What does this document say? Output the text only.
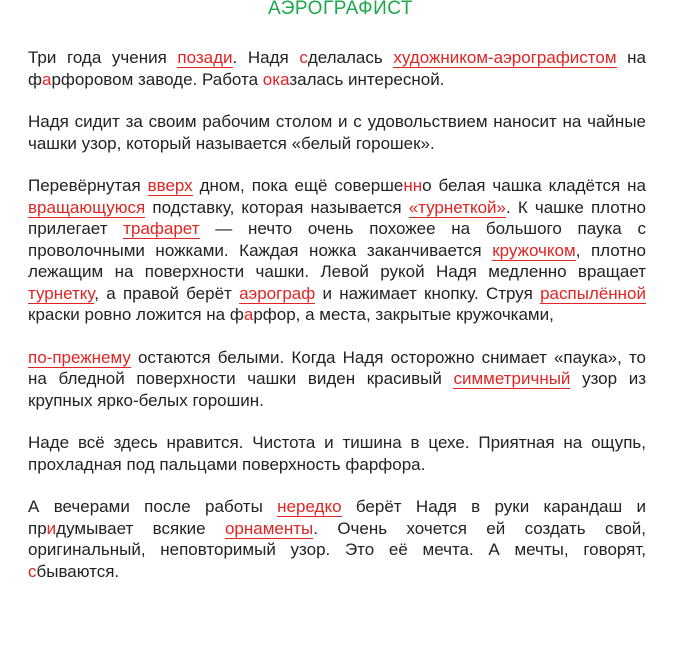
АЭРОГРАФИСТ

Три года учения позади. Надя сделалась художником-аэрографистом на фарфоровом заводе. Работа оказалась интересной.

Надя сидит за своим рабочим столом и с удовольствием наносит на чайные чашки узор, который называется «белый горошек».

Перевёрнутая вверх дном, пока ещё совершeнно белая чашка кладётся на вращающуюся подставку, которая называется «турнеткой». К чашке плотно прилегает трафарет — нечто очень похожее на большого паука с проволочными ножками. Каждая ножка заканчивается кружочком, плотно лежащим на поверхности чашки. Левой рукой Надя медленно вращает турнетку, а правой берёт аэрограф и нажимает кнопку. Струя распылённой краски ровно ложится на фарфор, а места, закрытые кружочками,

по-прежнему остаются белыми. Когда Надя осторожно снимает «паука», то на бледной поверхности чашки виден красивый симметричный узор из крупных ярко-белых горошин.

Наде всё здесь нравится. Чистота и тишина в цехе. Приятная на ощупь, прохладная под пальцами поверхность фарфора.

А вечерами после работы нередко берёт Надя в руки карандаш и придумывает всякие орнаменты. Очень хочется ей создать свой, оригинальный, неповторимый узор. Это её мечта. А мечты, говорят, сбываются.
